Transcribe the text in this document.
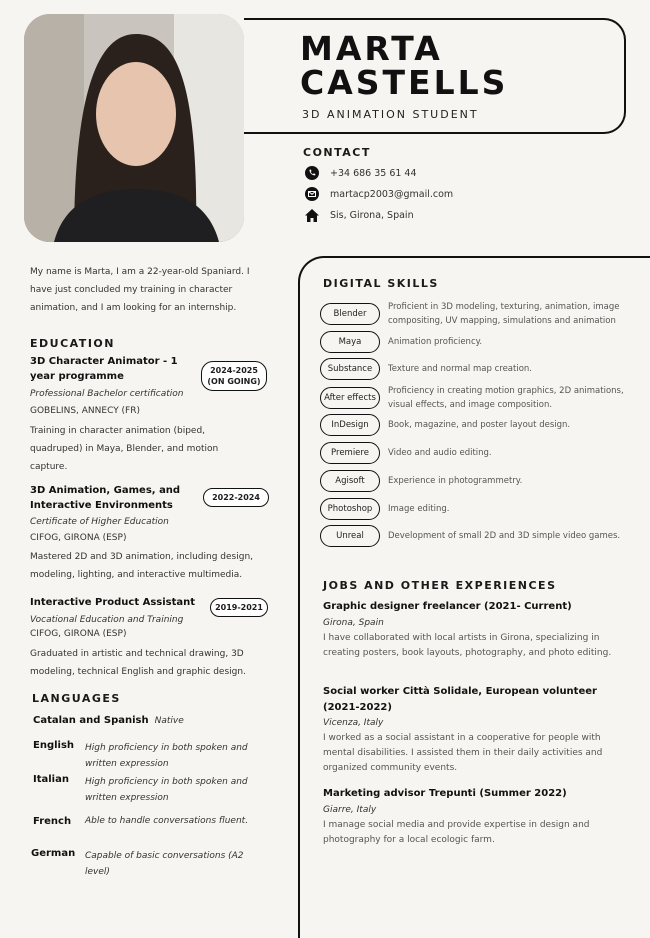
MARTA
CASTELLS
3D ANIMATION STUDENT
CONTACT
+34 686 35 61 44
martacp2003@gmail.com
Sis, Girona, Spain
My name is Marta, I am a 22-year-old Spaniard. I have just concluded my training in character animation, and I am looking for an internship.
EDUCATION
3D Character Animator - 1 year programme
2024-2025 (ON GOING)
Professional Bachelor certification
GOBELINS, ANNECY (FR)
Training in character animation (biped, quadruped) in Maya, Blender, and motion capture.
3D Animation, Games, and Interactive Environments
2022-2024
Certificate of Higher Education
CIFOG, GIRONA (ESP)
Mastered 2D and 3D animation, including design, modeling, lighting, and interactive multimedia.
Interactive Product Assistant	2019-2021
Vocational Education and Training
CIFOG, GIRONA (ESP)
Graduated in artistic and technical drawing, 3D modeling, technical English and graphic design.
LANGUAGES
Catalan and Spanish Native
English High proficiency in both spoken and written expression
Italian High proficiency in both spoken and written expression
French Able to handle conversations fluent.
German Capable of basic conversations (A2 level)
DIGITAL SKILLS
Blender
Proficient in 3D modeling, texturing, animation, image compositing, UV mapping, simulations and animation
Maya	Animation proficiency.
Substance	Texture and normal map creation.
After effects
Proficiency in creating motion graphics, 2D animations, visual effects, and image composition.
InDesign	Book, magazine, and poster layout design.
Premiere	Video and audio editing.
Agisoft	Experience in photogrammetry.
Photoshop	Image editing.
Unreal	Development of small 2D and 3D simple video games.
JOBS AND OTHER EXPERIENCES
Graphic designer freelancer (2021- Current)
Girona, Spain
I have collaborated with local artists in Girona, specializing in creating posters, book layouts, photography, and photo editing.
Social worker Città Solidale, European volunteer (2021-2022)
Vicenza, Italy
I worked as a social assistant in a cooperative for people with mental disabilities. I assisted them in their daily activities and organized community events.
Marketing advisor Trepunti (Summer 2022)
Giarre, Italy
I manage social media and provide expertise in design and photography for a local ecologic farm.
